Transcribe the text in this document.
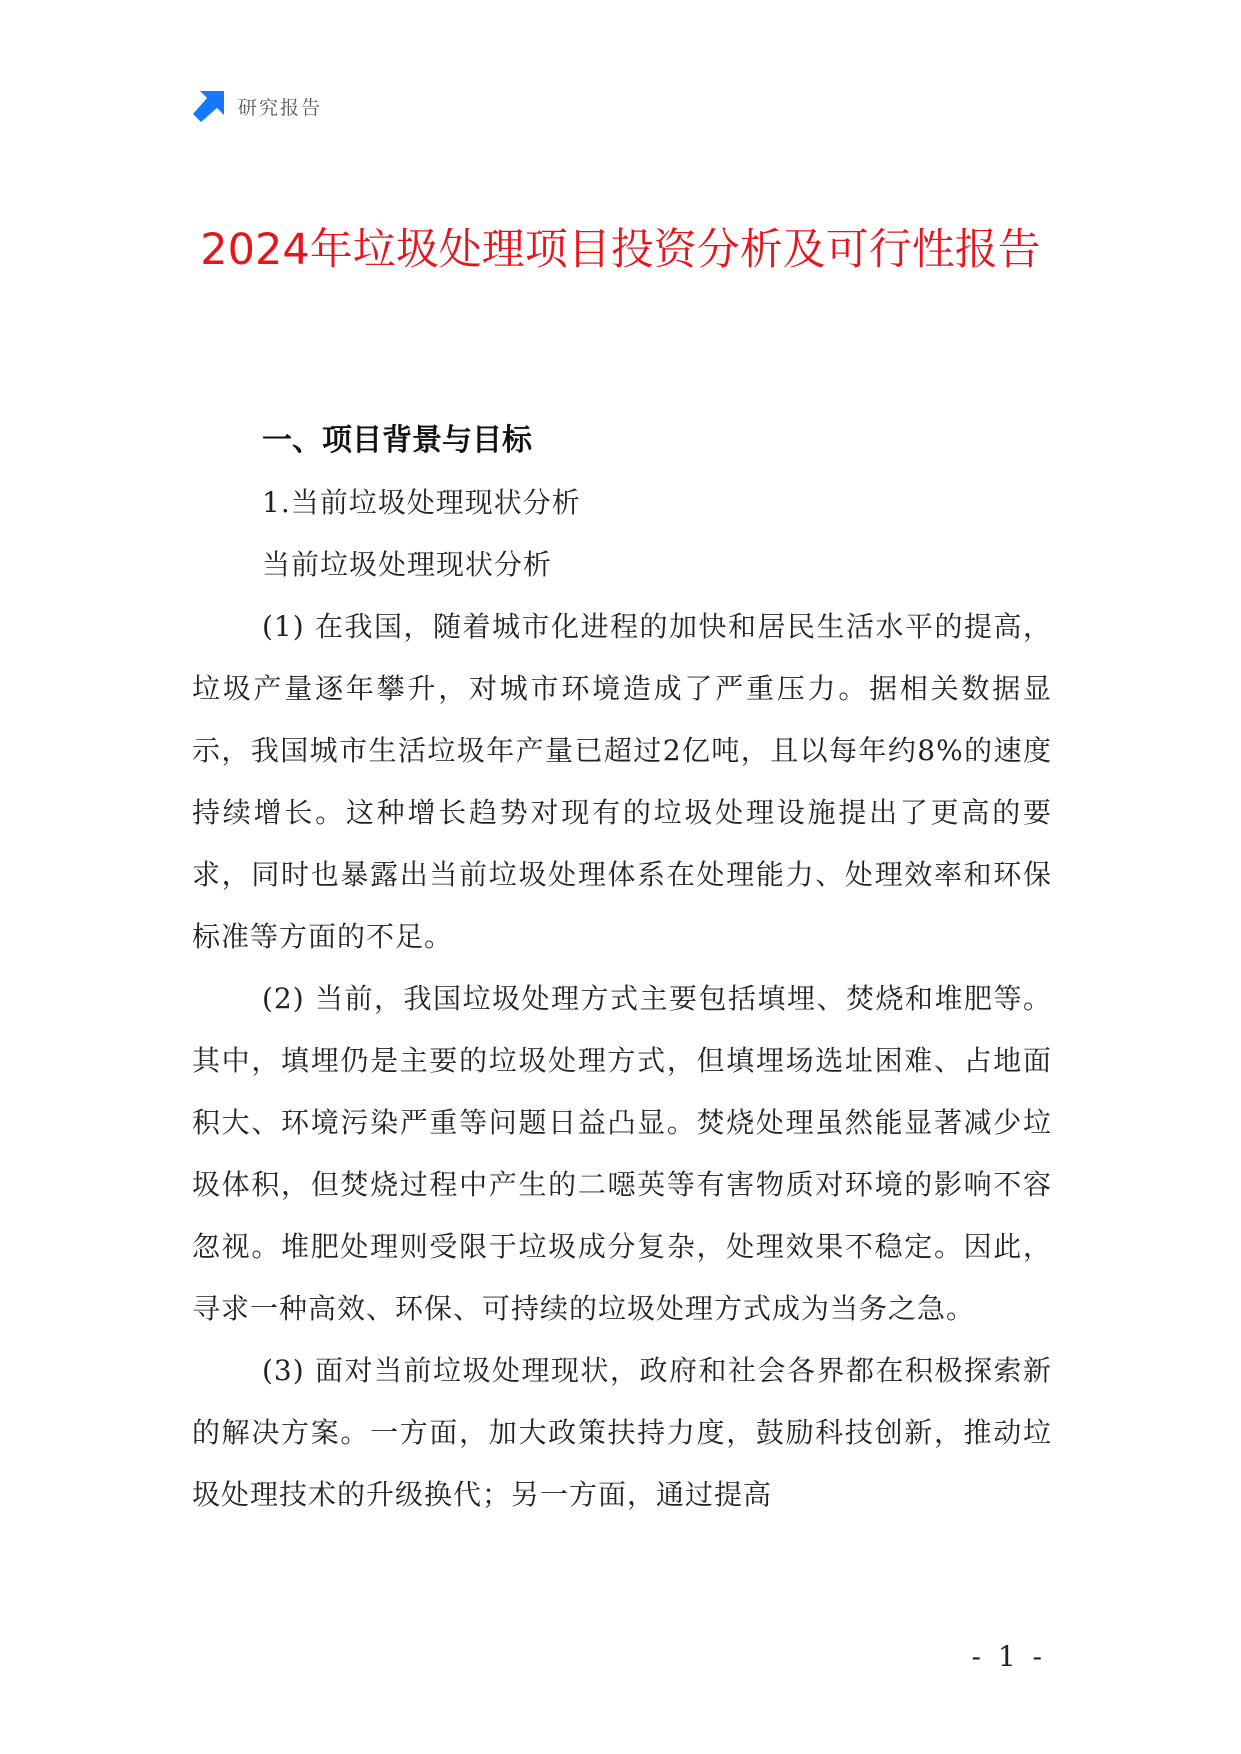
研究报告
2024年垃圾处理项目投资分析及可行性报告
一、项目背景与目标
1.当前垃圾处理现状分析

当前垃圾处理现状分析

(1) 在我国，随着城市化进程的加快和居民生活水平的提高，垃圾产量逐年攀升，对城市环境造成了严重压力。据相关数据显示，我国城市生活垃圾年产量已超过2亿吨，且以每年约8%的速度持续增长。这种增长趋势对现有的垃圾处理设施提出了更高的要求，同时也暴露出当前垃圾处理体系在处理能力、处理效率和环保标准等方面的不足。

(2) 当前，我国垃圾处理方式主要包括填埋、焚烧和堆肥等。其中，填埋仍是主要的垃圾处理方式，但填埋场选址困难、占地面积大、环境污染严重等问题日益凸显。焚烧处理虽然能显著减少垃圾体积，但焚烧过程中产生的二噁英等有害物质对环境的影响不容忽视。堆肥处理则受限于垃圾成分复杂，处理效果不稳定。因此，寻求一种高效、环保、可持续的垃圾处理方式成为当务之急。

(3) 面对当前垃圾处理现状，政府和社会各界都在积极探索新的解决方案。一方面，加大政策扶持力度，鼓励科技创新，推动垃圾处理技术的升级换代；另一方面，通过提高

- 1 -
